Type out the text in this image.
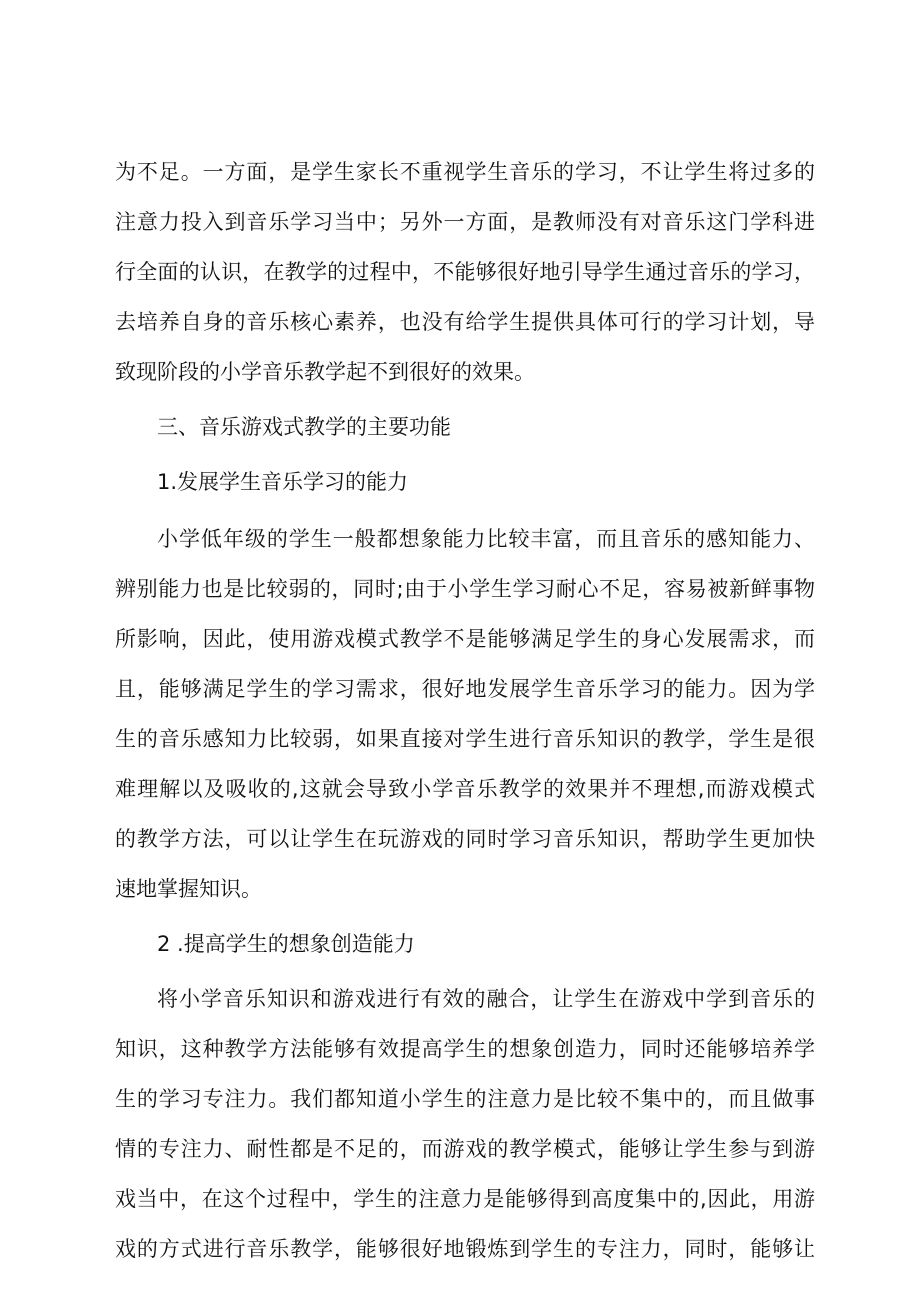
为不足。一方面，是学生家长不重视学生音乐的学习，不让学生将过多的
注意力投入到音乐学习当中；另外一方面，是教师没有对音乐这门学科进
行全面的认识，在教学的过程中，不能够很好地引导学生通过音乐的学习，
去培养自身的音乐核心素养，也没有给学生提供具体可行的学习计划，导
致现阶段的小学音乐教学起不到很好的效果。
三、音乐游戏式教学的主要功能
1.发展学生音乐学习的能力
小学低年级的学生一般都想象能力比较丰富，而且音乐的感知能力、
辨别能力也是比较弱的，同时;由于小学生学习耐心不足，容易被新鲜事物
所影响，因此，使用游戏模式教学不是能够满足学生的身心发展需求，而
且，能够满足学生的学习需求，很好地发展学生音乐学习的能力。因为学
生的音乐感知力比较弱，如果直接对学生进行音乐知识的教学，学生是很
难理解以及吸收的,这就会导致小学音乐教学的效果并不理想,而游戏模式
的教学方法，可以让学生在玩游戏的同时学习音乐知识，帮助学生更加快
速地掌握知识。
2 .提高学生的想象创造能力
将小学音乐知识和游戏进行有效的融合，让学生在游戏中学到音乐的
知识，这种教学方法能够有效提高学生的想象创造力，同时还能够培养学
生的学习专注力。我们都知道小学生的注意力是比较不集中的，而且做事
情的专注力、耐性都是不足的，而游戏的教学模式，能够让学生参与到游
戏当中，在这个过程中，学生的注意力是能够得到高度集中的,因此，用游
戏的方式进行音乐教学，能够很好地锻炼到学生的专注力，同时，能够让
